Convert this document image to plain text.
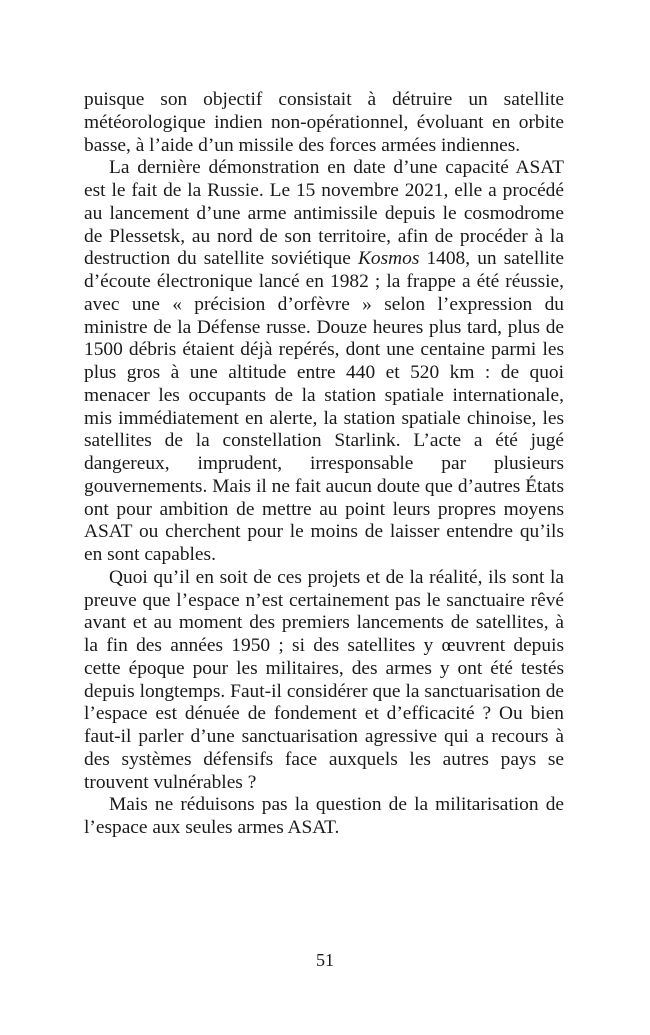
puisque son objectif consistait à détruire un satellite météorologique indien non-opérationnel, évoluant en orbite basse, à l’aide d’un missile des forces armées indiennes.

La dernière démonstration en date d’une capacité ASAT est le fait de la Russie. Le 15 novembre 2021, elle a procédé au lancement d’une arme antimissile depuis le cosmodrome de Plessetsk, au nord de son territoire, afin de procéder à la destruction du satellite soviétique Kosmos 1408, un satellite d’écoute électronique lancé en 1982 ; la frappe a été réussie, avec une « précision d’orfèvre » selon l’expression du ministre de la Défense russe. Douze heures plus tard, plus de 1500 débris étaient déjà repérés, dont une centaine parmi les plus gros à une altitude entre 440 et 520 km : de quoi menacer les occupants de la station spatiale internationale, mis immédiatement en alerte, la station spatiale chinoise, les satellites de la constellation Starlink. L’acte a été jugé dangereux, imprudent, irresponsable par plusieurs gouvernements. Mais il ne fait aucun doute que d’autres États ont pour ambition de mettre au point leurs propres moyens ASAT ou cherchent pour le moins de laisser entendre qu’ils en sont capables.

Quoi qu’il en soit de ces projets et de la réalité, ils sont la preuve que l’espace n’est certainement pas le sanctuaire rêvé avant et au moment des premiers lancements de satellites, à la fin des années 1950 ; si des satellites y œuvrent depuis cette époque pour les militaires, des armes y ont été testés depuis longtemps. Faut-il considérer que la sanctuarisation de l’espace est dénuée de fondement et d’efficacité ? Ou bien faut-il parler d’une sanctuarisation agressive qui a recours à des systèmes défensifs face auxquels les autres pays se trouvent vulnérables ?

Mais ne réduisons pas la question de la militarisation de l’espace aux seules armes ASAT.

51
